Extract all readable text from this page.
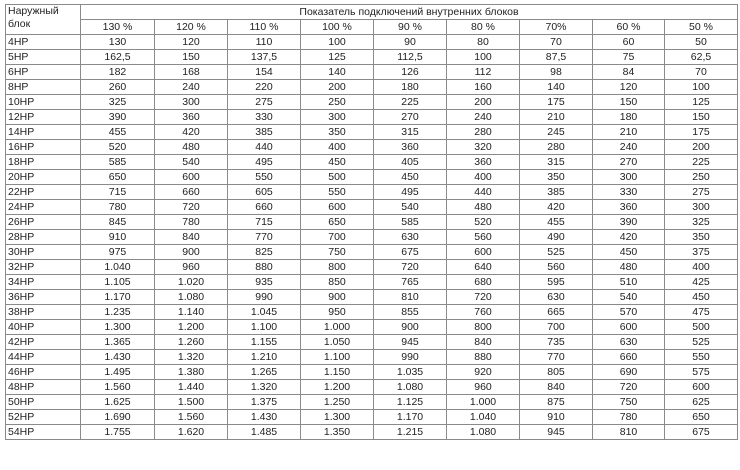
Наружный
блок	Показатель подключений внутренних блоков								
	130 %	120 %	110 %	100 %	90 %	80 %	70%	60 %	50 %
4HP	130	120	110	100	90	80	70	60	50
5HP	162,5	150	137,5	125	112,5	100	87,5	75	62,5
6HP	182	168	154	140	126	112	98	84	70
8HP	260	240	220	200	180	160	140	120	100
10HP	325	300	275	250	225	200	175	150	125
12HP	390	360	330	300	270	240	210	180	150
14HP	455	420	385	350	315	280	245	210	175
16HP	520	480	440	400	360	320	280	240	200
18HP	585	540	495	450	405	360	315	270	225
20HP	650	600	550	500	450	400	350	300	250
22HP	715	660	605	550	495	440	385	330	275
24HP	780	720	660	600	540	480	420	360	300
26HP	845	780	715	650	585	520	455	390	325
28HP	910	840	770	700	630	560	490	420	350
30HP	975	900	825	750	675	600	525	450	375
32HP	1.040	960	880	800	720	640	560	480	400
34HP	1.105	1.020	935	850	765	680	595	510	425
36HP	1.170	1.080	990	900	810	720	630	540	450
38HP	1.235	1.140	1.045	950	855	760	665	570	475
40HP	1.300	1.200	1.100	1.000	900	800	700	600	500
42HP	1.365	1.260	1.155	1.050	945	840	735	630	525
44HP	1.430	1.320	1.210	1.100	990	880	770	660	550
46HP	1.495	1.380	1.265	1.150	1.035	920	805	690	575
48HP	1.560	1.440	1.320	1.200	1.080	960	840	720	600
50HP	1.625	1.500	1.375	1.250	1.125	1.000	875	750	625
52HP	1.690	1.560	1.430	1.300	1.170	1.040	910	780	650
54HP	1.755	1.620	1.485	1.350	1.215	1.080	945	810	675
